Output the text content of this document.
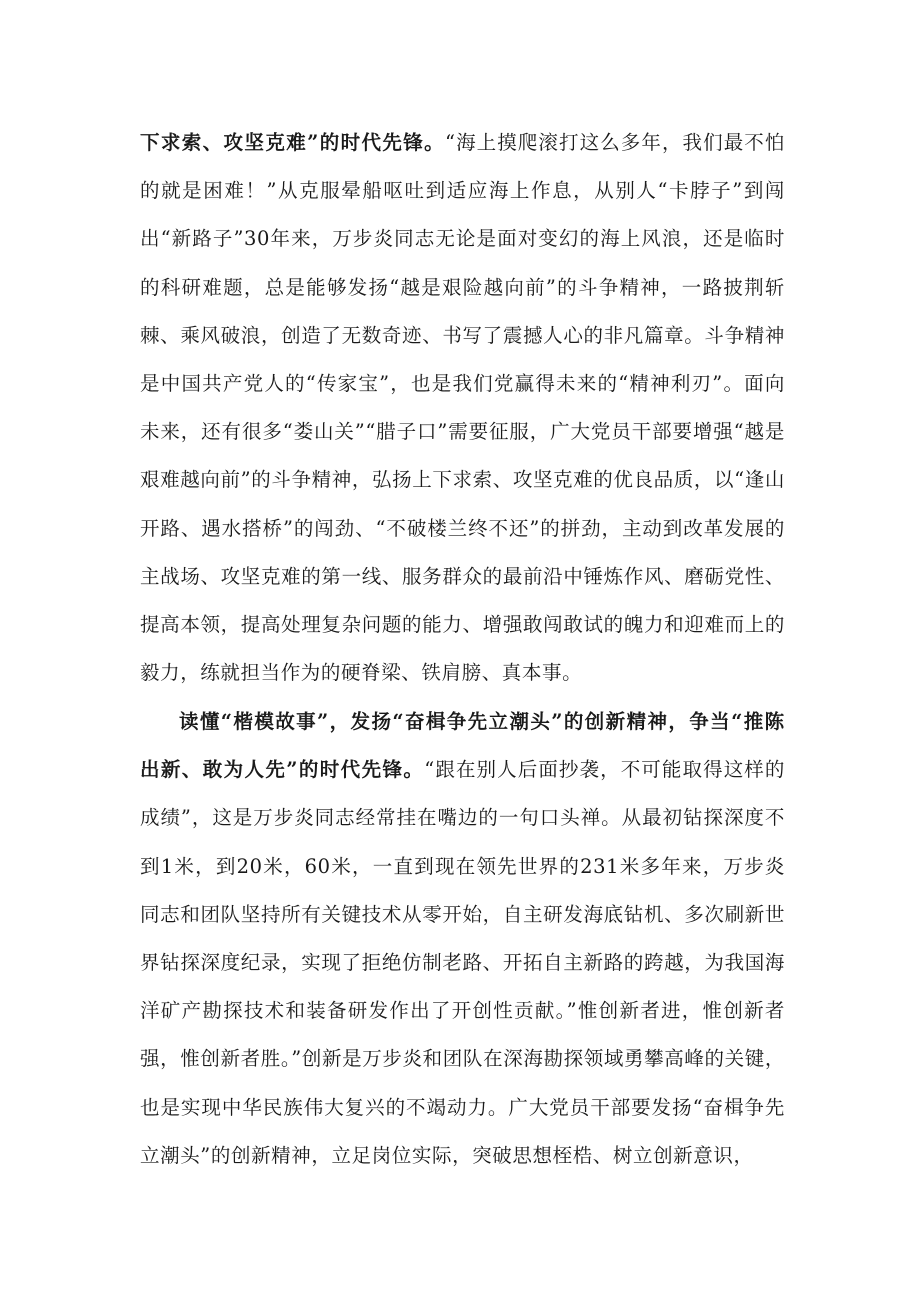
下求索、攻坚克难”的时代先锋。“海上摸爬滚打这么多年，我们最不怕的就是困难！”从克服晕船呕吐到适应海上作息，从别人“卡脖子”到闯出“新路子”30年来，万步炎同志无论是面对变幻的海上风浪，还是临时的科研难题，总是能够发扬“越是艰险越向前”的斗争精神，一路披荆斩棘、乘风破浪，创造了无数奇迹、书写了震撼人心的非凡篇章。斗争精神是中国共产党人的“传家宝”，也是我们党赢得未来的“精神利刃”。面向未来，还有很多“娄山关”“腊子口”需要征服，广大党员干部要增强“越是艰难越向前”的斗争精神，弘扬上下求索、攻坚克难的优良品质，以“逢山开路、遇水搭桥”的闯劲、“不破楼兰终不还”的拼劲，主动到改革发展的主战场、攻坚克难的第一线、服务群众的最前沿中锤炼作风、磨砺党性、提高本领，提高处理复杂问题的能力、增强敢闯敢试的魄力和迎难而上的毅力，练就担当作为的硬脊梁、铁肩膀、真本事。

读懂“楷模故事”，发扬“奋楫争先立潮头”的创新精神，争当“推陈出新、敢为人先”的时代先锋。“跟在别人后面抄袭，不可能取得这样的成绩”，这是万步炎同志经常挂在嘴边的一句口头禅。从最初钻探深度不到1米，到20米，60米，一直到现在领先世界的231米多年来，万步炎同志和团队坚持所有关键技术从零开始，自主研发海底钻机、多次刷新世界钻探深度纪录，实现了拒绝仿制老路、开拓自主新路的跨越，为我国海洋矿产勘探技术和装备研发作出了开创性贡献。”惟创新者进，惟创新者强，惟创新者胜。”创新是万步炎和团队在深海勘探领域勇攀高峰的关键，也是实现中华民族伟大复兴的不竭动力。广大党员干部要发扬“奋楫争先立潮头”的创新精神，立足岗位实际，突破思想桎梏、树立创新意识，
